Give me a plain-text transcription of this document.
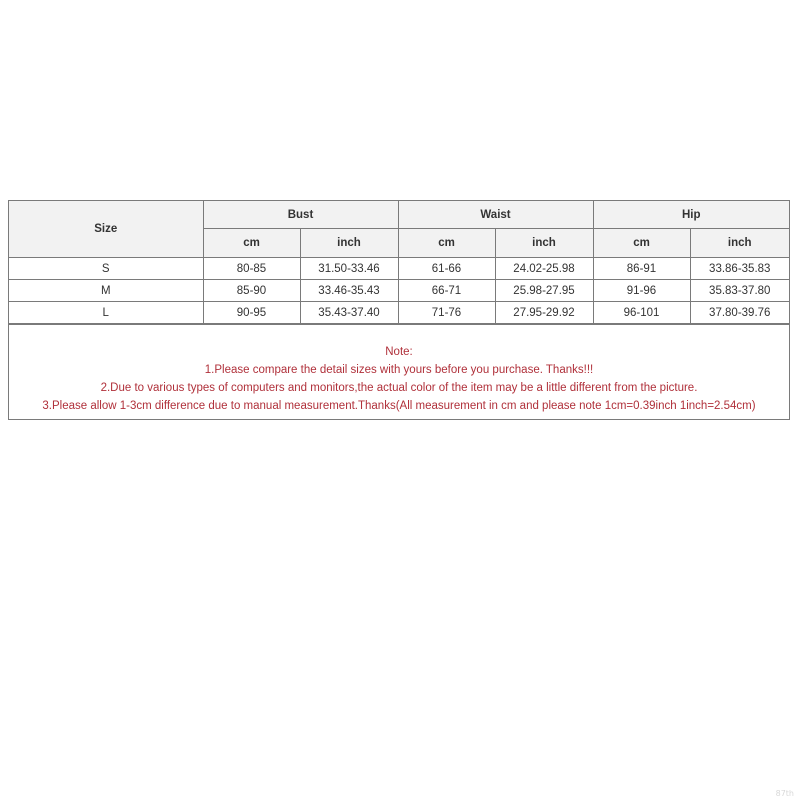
Size	Bust		Waist		Hip	
	cm	inch	cm	inch	cm	inch
S	80-85	31.50-33.46	61-66	24.02-25.98	86-91	33.86-35.83
M	85-90	33.46-35.43	66-71	25.98-27.95	91-96	35.83-37.80
L	90-95	35.43-37.40	71-76	27.95-29.92	96-101	37.80-39.76
Note:
1.Please compare the detail sizes with yours before you purchase. Thanks!!!
2.Due to various types of computers and monitors,the actual color of the item may be a little different from the picture.
3.Please allow 1-3cm difference due to manual measurement.Thanks(All measurement in cm and please note 1cm=0.39inch 1inch=2.54cm)
87th
